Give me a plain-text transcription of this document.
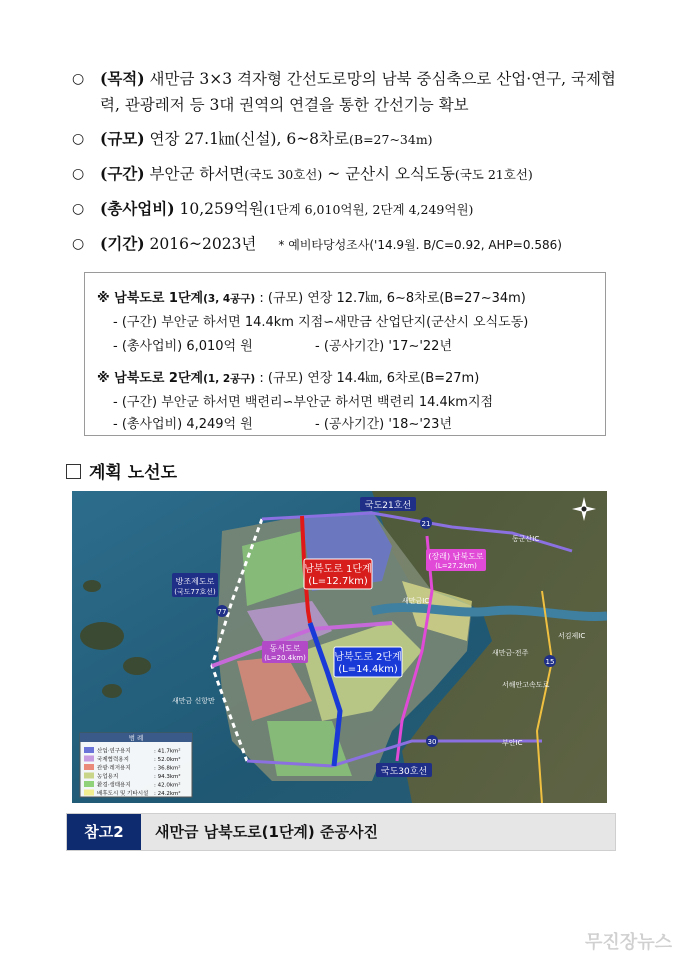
○ (목적) 새만금 3×3 격자형 간선도로망의 남북 중심축으로 산업·연구, 국제협력, 관광레저 등 3대 권역의 연결을 통한 간선기능 확보
○ (규모) 연장 27.1㎞(신설), 6~8차로(B=27~34m)
○ (구간) 부안군 하서면(국도 30호선) ~ 군산시 오식도동(국도 21호선)
○ (총사업비) 10,259억원(1단계 6,010억원, 2단계 4,249억원)
○ (기간) 2016~2023년 * 예비타당성조사('14.9월. B/C=0.92, AHP=0.586)
※ 남북도로 1단계(3, 4공구) : (규모) 연장 12.7㎞, 6∼8차로(B=27∼34m)
- (구간) 부안군 하서면 14.4km 지점∽새만금 산업단지(군산시 오식도동)
- (총사업비) 6,010억 원	- (공사기간) '17∼'22년
※ 남북도로 2단계(1, 2공구) : (규모) 연장 14.4㎞, 6차로(B=27m)
- (구간) 부안군 하서면 백련리∽부안군 하서면 백련리 14.4km지점
- (총사업비) 4,249억 원	- (공사기간) '18∼'23년
계획 노선도
국도21호선
남북도로 1단계
(L=12.7km)
남북도로 2단계
(L=14.4km)
방조제도로
(국도77호선)
동서도로
(L=20.4km)
(장래) 남북도로
(L=27.2km)
국도30호선
동군산IC
새만금IC
서김제IC
부안IC
새만금 신항만
새만금-전주
서해안고속도로
21
77
30
15
범 례
산업·연구용지	: 41.7km²
국제협력용지	: 52.0km²
관광·레저용지	: 36.8km²
농업용지	: 94.3km²
환경·생태용지	: 42.0km²
배후도시 및 기타시설 : 24.2km²
참고2	새만금 남북도로(1단계) 준공사진
무진장뉴스
